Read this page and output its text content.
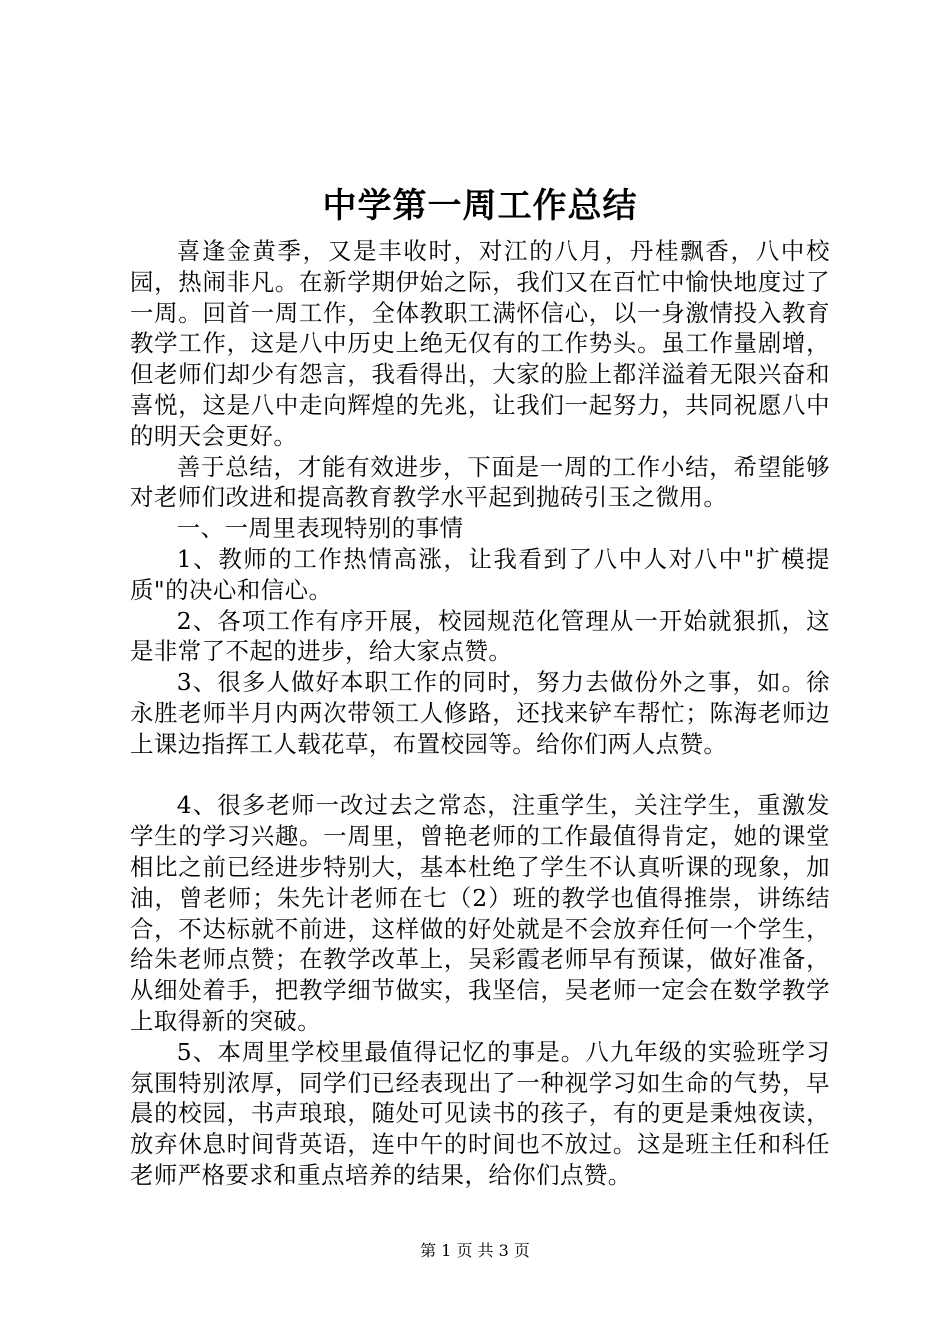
中学第一周工作总结

喜逢金黄季，又是丰收时，对江的八月，丹桂飘香，八中校园，热闹非凡。在新学期伊始之际，我们又在百忙中愉快地度过了一周。回首一周工作，全体教职工满怀信心，以一身激情投入教育教学工作，这是八中历史上绝无仅有的工作势头。虽工作量剧增，但老师们却少有怨言，我看得出，大家的脸上都洋溢着无限兴奋和喜悦，这是八中走向辉煌的先兆，让我们一起努力，共同祝愿八中的明天会更好。

善于总结，才能有效进步，下面是一周的工作小结，希望能够对老师们改进和提高教育教学水平起到抛砖引玉之微用。

一、一周里表现特别的事情

1、教师的工作热情高涨，让我看到了八中人对八中"扩模提质"的决心和信心。

2、各项工作有序开展，校园规范化管理从一开始就狠抓，这是非常了不起的进步，给大家点赞。

3、很多人做好本职工作的同时，努力去做份外之事，如。徐永胜老师半月内两次带领工人修路，还找来铲车帮忙；陈海老师边上课边指挥工人载花草，布置校园等。给你们两人点赞。

4、很多老师一改过去之常态，注重学生，关注学生，重激发学生的学习兴趣。一周里，曾艳老师的工作最值得肯定，她的课堂相比之前已经进步特别大，基本杜绝了学生不认真听课的现象，加油，曾老师；朱先计老师在七（2）班的教学也值得推崇，讲练结合，不达标就不前进，这样做的好处就是不会放弃任何一个学生，给朱老师点赞；在教学改革上，吴彩霞老师早有预谋，做好准备，从细处着手，把教学细节做实，我坚信，吴老师一定会在数学教学上取得新的突破。

5、本周里学校里最值得记忆的事是。八九年级的实验班学习氛围特别浓厚，同学们已经表现出了一种视学习如生命的气势，早晨的校园，书声琅琅，随处可见读书的孩子，有的更是秉烛夜读，放弃休息时间背英语，连中午的时间也不放过。这是班主任和科任老师严格要求和重点培养的结果，给你们点赞。

第 1 页 共 3 页
